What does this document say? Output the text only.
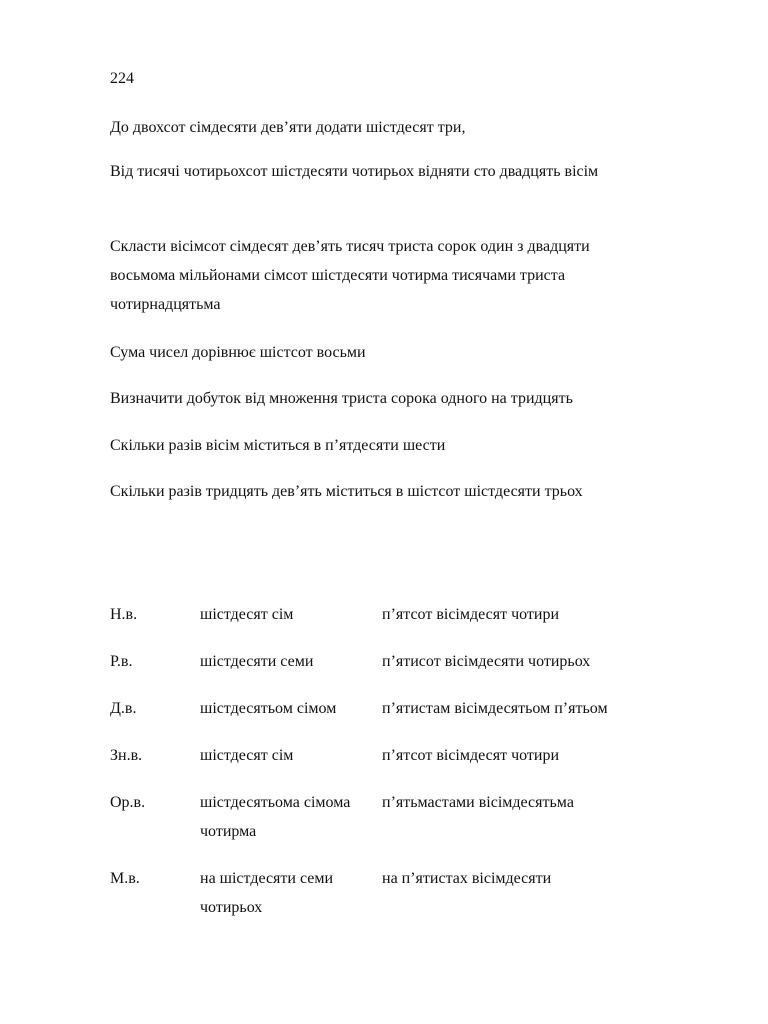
224
До двохсот сімдесяти дев’яти додати шістдесят три,
Від тисячі чотирьохсот шістдесяти чотирьох відняти сто двадцять вісім
Скласти вісімсот сімдесят дев’ять тисяч триста сорок один з двадцяти восьмома мільйонами сімсот шістдесяти чотирма тисячами триста чотирнадцятьма
Сума чисел дорівнює шістсот восьми
Визначити добуток від множення триста сорока одного на тридцять
Скільки разів вісім міститься в п’ятдесяти шести
Скільки разів тридцять дев’ять міститься в шістсот шістдесяти трьох
Н.в.	шістдесят сім	п’ятсот вісімдесят чотири
Р.в.	шістдесяти семи	п’ятисот вісімдесяти чотирьох
Д.в.	шістдесятьом сімом	п’ятистам вісімдесятьом п’ятьом
Зн.в.	шістдесят сім	п’ятсот вісімдесят чотири
Ор.в.	шістдесятьома сімома чотирма	п’ятьмастами вісімдесятьма
М.в.	на шістдесяти семи чотирьох	на п’ятистах вісімдесяти
